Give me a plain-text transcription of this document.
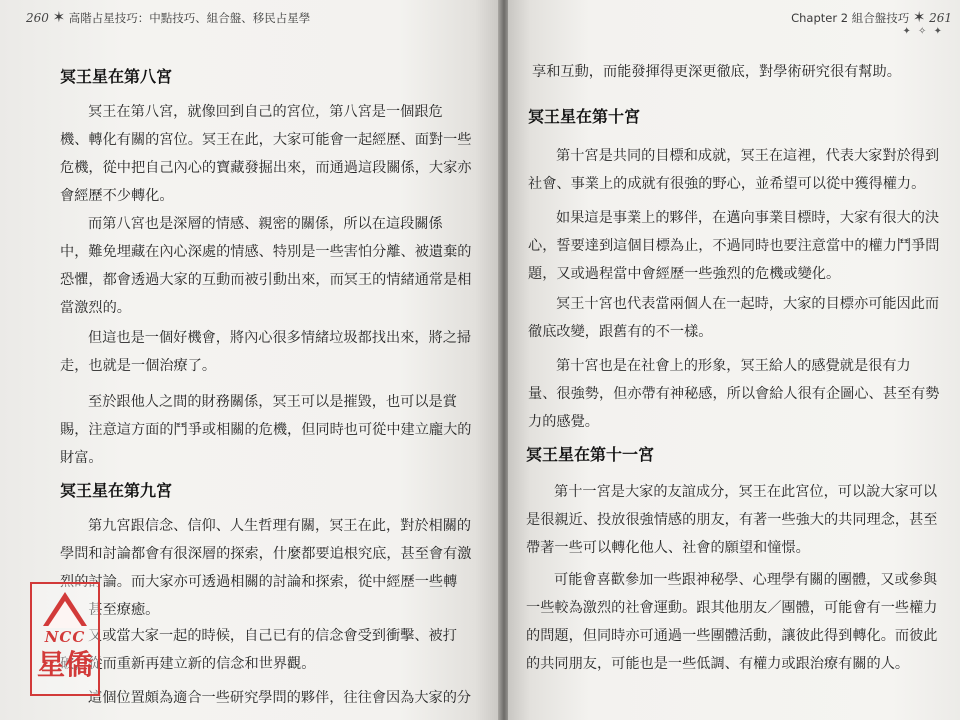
260 ✶ 高階占星技巧：中點技巧、組合盤、移民占星學
冥王星在第八宮
冥王在第八宮，就像回到自己的宮位，第八宮是一個跟危
機、轉化有關的宮位。冥王在此，大家可能會一起經歷、面對一些
危機，從中把自己內心的寶藏發掘出來，而通過這段關係，大家亦
會經歷不少轉化。
而第八宮也是深層的情感、親密的關係，所以在這段關係
中，難免埋藏在內心深處的情感、特別是一些害怕分離、被遺棄的
恐懼，都會透過大家的互動而被引動出來，而冥王的情緒通常是相
當激烈的。
但這也是一個好機會，將內心很多情緒垃圾都找出來，將之掃
走，也就是一個治療了。
至於跟他人之間的財務關係，冥王可以是摧毀，也可以是賞
賜，注意這方面的鬥爭或相關的危機，但同時也可從中建立龐大的
財富。
冥王星在第九宮
第九宮跟信念、信仰、人生哲理有關，冥王在此，對於相關的
學問和討論都會有很深層的探索，什麼都要追根究底，甚至會有激
烈的討論。而大家亦可透過相關的討論和探索，從中經歷一些轉
化，甚至療癒。
又或當大家一起的時候，自己已有的信念會受到衝擊、被打
破，從而重新再建立新的信念和世界觀。
這個位置頗為適合一些研究學問的夥伴，往往會因為大家的分
NCC
星僑
Chapter 2 組合盤技巧 ✶ 261
✦ ✧ ✦
享和互動，而能發揮得更深更徹底，對學術研究很有幫助。
冥王星在第十宮
第十宮是共同的目標和成就，冥王在這裡，代表大家對於得到
社會、事業上的成就有很強的野心，並希望可以從中獲得權力。
如果這是事業上的夥伴，在邁向事業目標時，大家有很大的決
心，誓要達到這個目標為止，不過同時也要注意當中的權力鬥爭問
題，又或過程當中會經歷一些強烈的危機或變化。
冥王十宮也代表當兩個人在一起時，大家的目標亦可能因此而
徹底改變，跟舊有的不一樣。
第十宮也是在社會上的形象，冥王給人的感覺就是很有力
量、很強勢，但亦帶有神秘感，所以會給人很有企圖心、甚至有勢
力的感覺。
冥王星在第十一宮
第十一宮是大家的友誼成分，冥王在此宮位，可以說大家可以
是很親近、投放很強情感的朋友，有著一些強大的共同理念，甚至
帶著一些可以轉化他人、社會的願望和憧憬。
可能會喜歡參加一些跟神秘學、心理學有關的團體，又或參與
一些較為激烈的社會運動。跟其他朋友／團體，可能會有一些權力
的問題，但同時亦可通過一些團體活動，讓彼此得到轉化。而彼此
的共同朋友，可能也是一些低調、有權力或跟治療有關的人。
